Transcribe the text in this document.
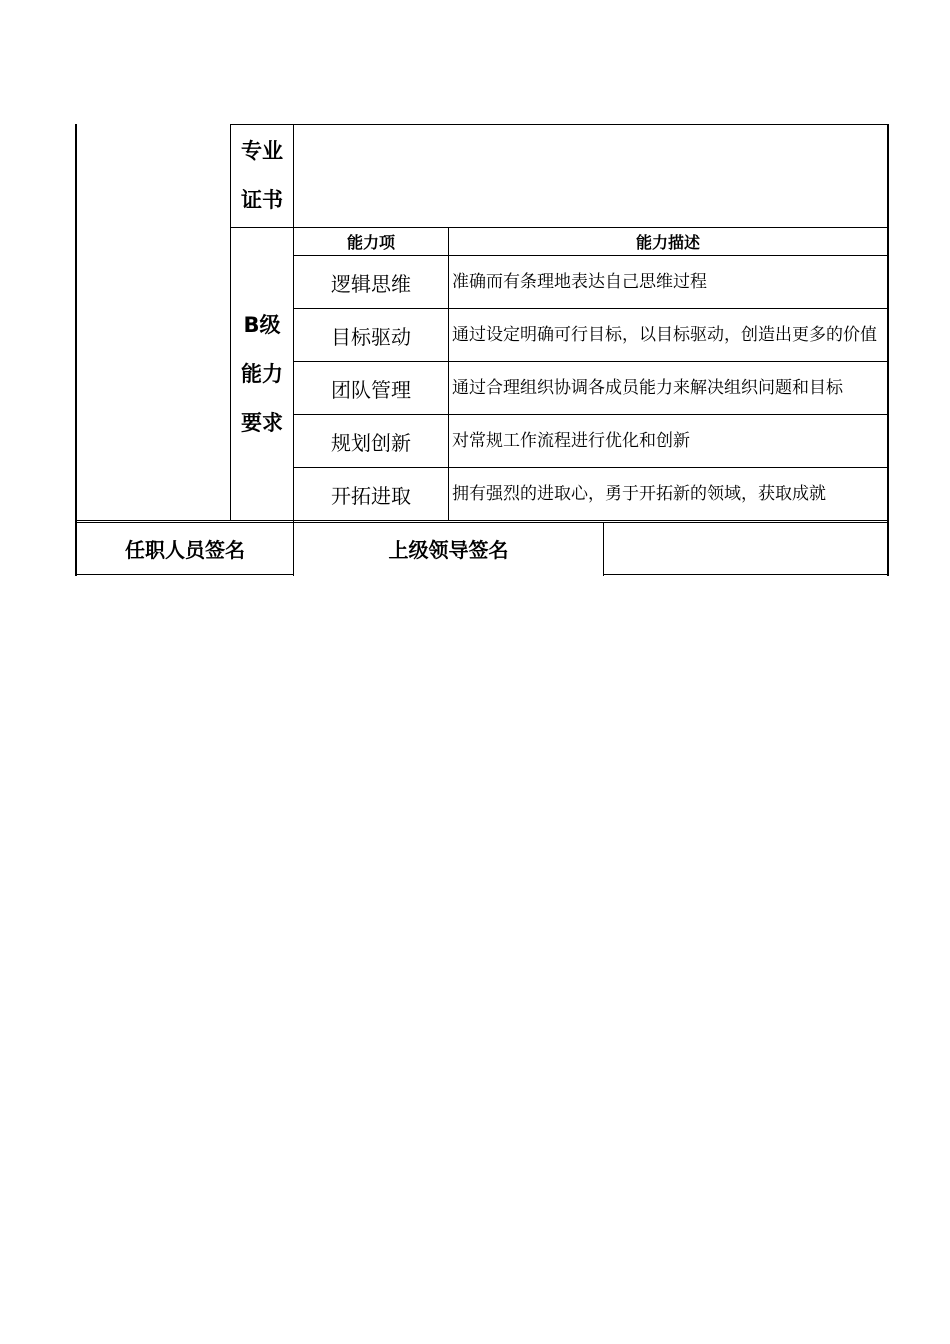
专业
证书
B级
能力
要求
能力项	能力描述
逻辑思维	准确而有条理地表达自己思维过程
目标驱动	通过设定明确可行目标，以目标驱动，创造出更多的价值
团队管理	通过合理组织协调各成员能力来解决组织问题和目标
规划创新	对常规工作流程进行优化和创新
开拓进取	拥有强烈的进取心，勇于开拓新的领域，获取成就
任职人员签名	上级领导签名
